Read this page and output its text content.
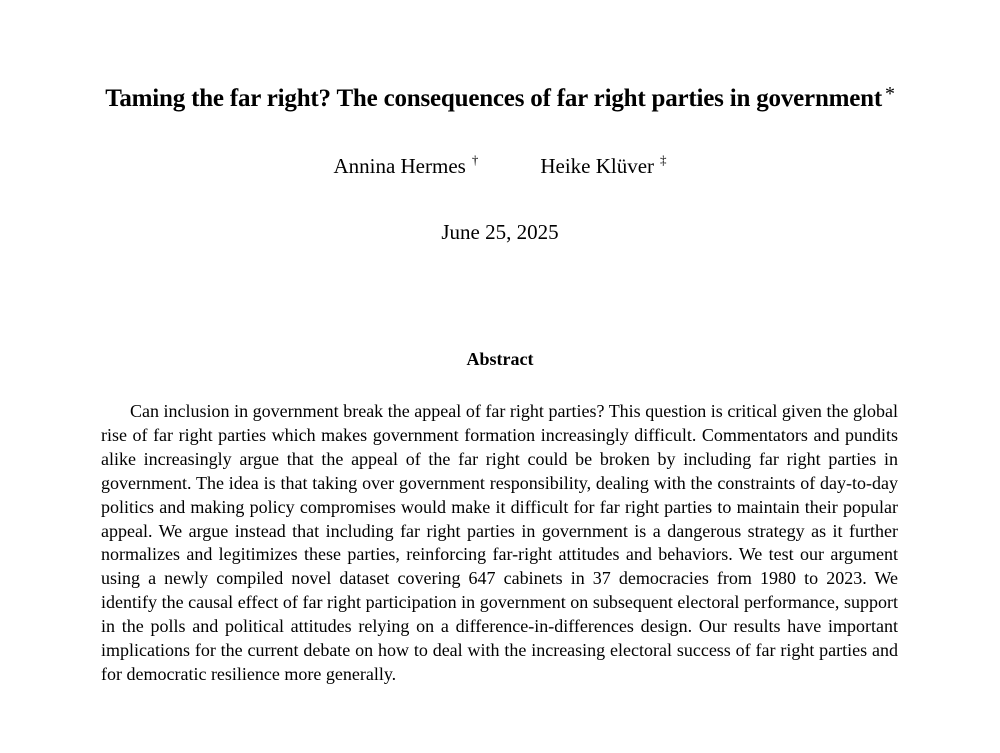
Taming the far right? The consequences of far right parties in government *
Annina Hermes †	Heike Klüver ‡
June 25, 2025
Abstract

Can inclusion in government break the appeal of far right parties? This question is critical given the global rise of far right parties which makes government formation increasingly difficult. Commentators and pundits alike increasingly argue that the appeal of the far right could be broken by including far right parties in government. The idea is that taking over government responsibility, dealing with the constraints of day-to-day politics and making policy compromises would make it difficult for far right parties to maintain their popular appeal. We argue instead that including far right parties in government is a dangerous strategy as it further normalizes and legitimizes these parties, reinforcing far-right attitudes and behaviors. We test our argument using a newly compiled novel dataset covering 647 cabinets in 37 democracies from 1980 to 2023. We identify the causal effect of far right participation in government on subsequent electoral performance, support in the polls and political attitudes relying on a difference-in-differences design. Our results have important implications for the current debate on how to deal with the increasing electoral success of far right parties and for democratic resilience more generally.
